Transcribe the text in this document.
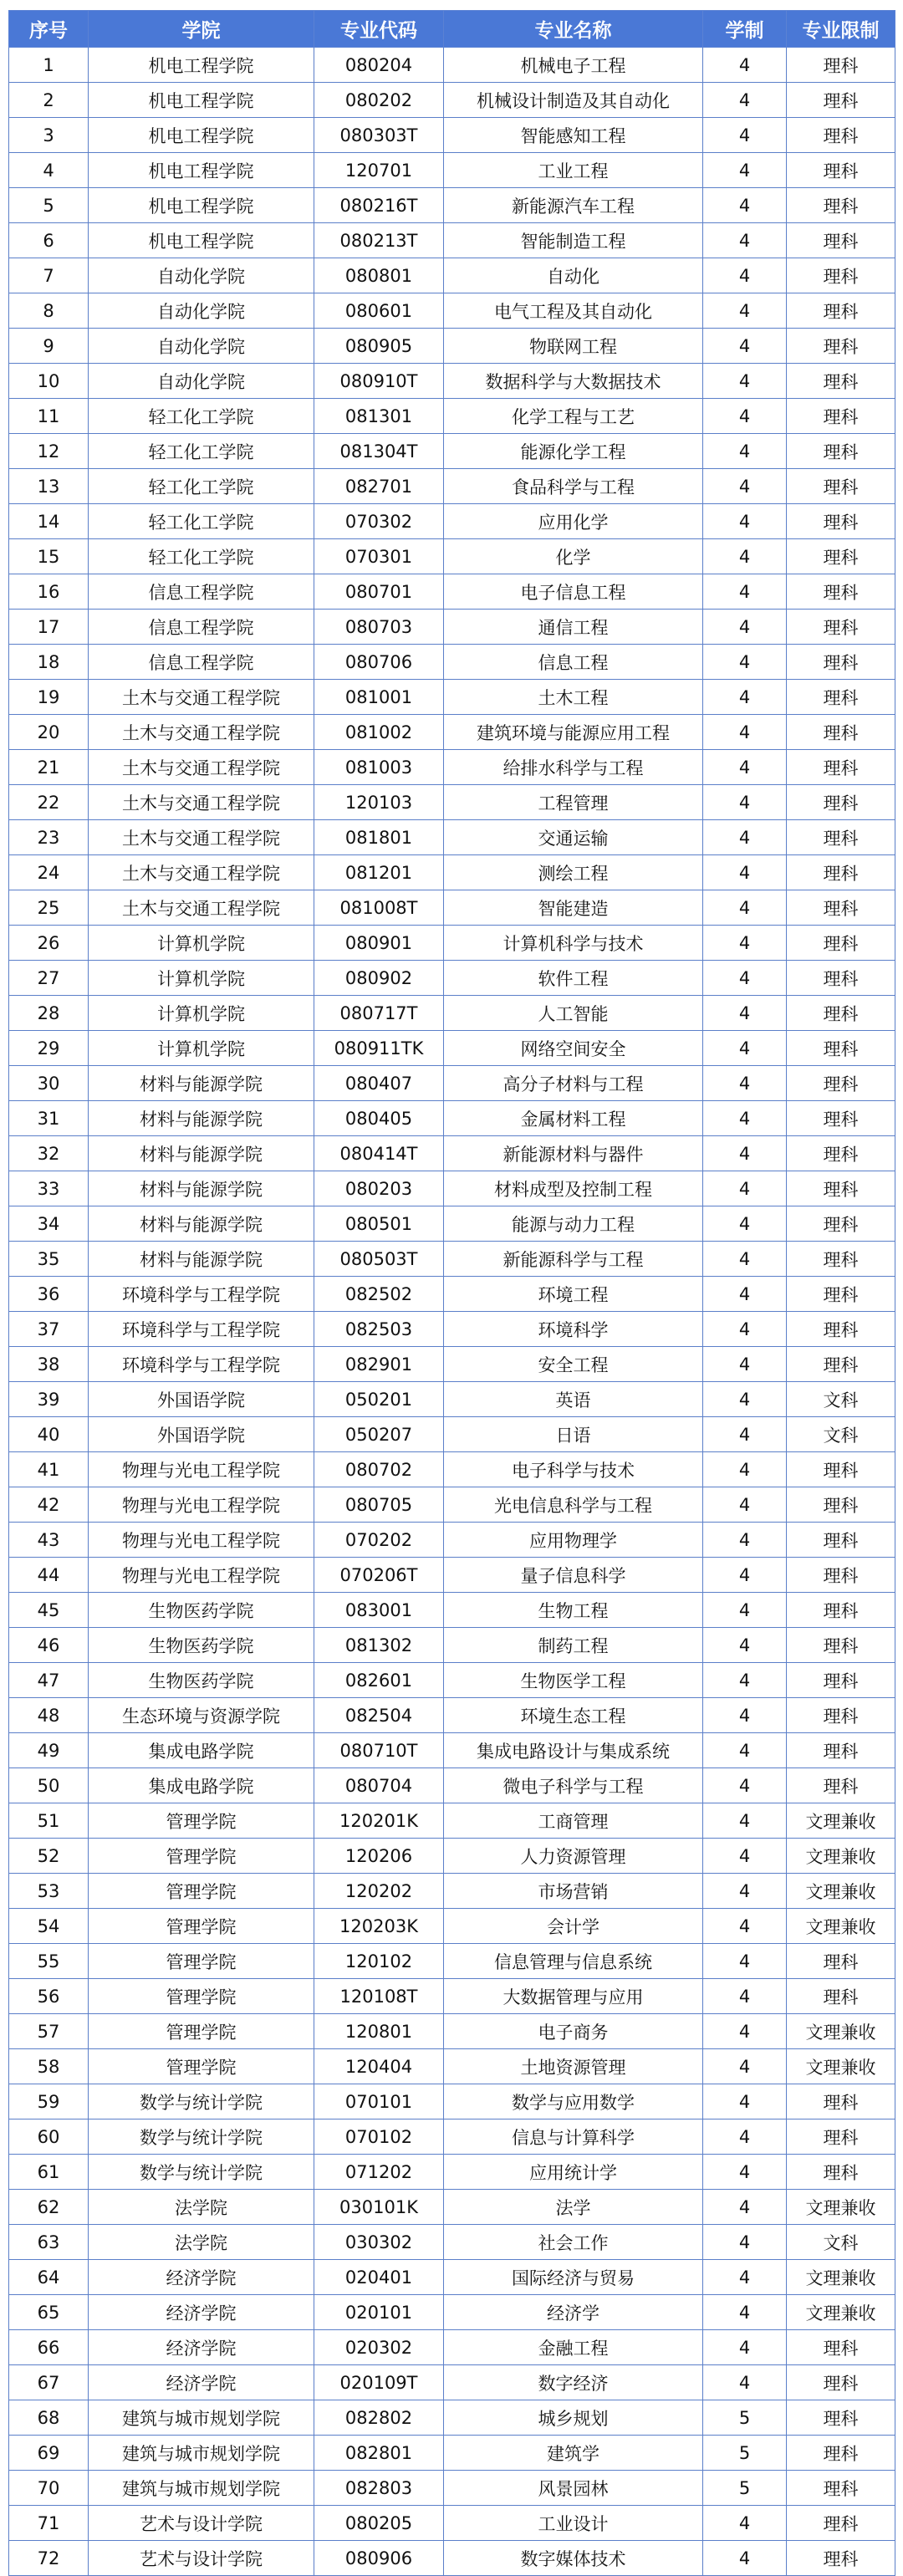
序号	学院	专业代码	专业名称	学制	专业限制
1	机电工程学院	080204	机械电子工程	4	理科
2	机电工程学院	080202	机械设计制造及其自动化	4	理科
3	机电工程学院	080303T	智能感知工程	4	理科
4	机电工程学院	120701	工业工程	4	理科
5	机电工程学院	080216T	新能源汽车工程	4	理科
6	机电工程学院	080213T	智能制造工程	4	理科
7	自动化学院	080801	自动化	4	理科
8	自动化学院	080601	电气工程及其自动化	4	理科
9	自动化学院	080905	物联网工程	4	理科
10	自动化学院	080910T	数据科学与大数据技术	4	理科
11	轻工化工学院	081301	化学工程与工艺	4	理科
12	轻工化工学院	081304T	能源化学工程	4	理科
13	轻工化工学院	082701	食品科学与工程	4	理科
14	轻工化工学院	070302	应用化学	4	理科
15	轻工化工学院	070301	化学	4	理科
16	信息工程学院	080701	电子信息工程	4	理科
17	信息工程学院	080703	通信工程	4	理科
18	信息工程学院	080706	信息工程	4	理科
19	土木与交通工程学院	081001	土木工程	4	理科
20	土木与交通工程学院	081002	建筑环境与能源应用工程	4	理科
21	土木与交通工程学院	081003	给排水科学与工程	4	理科
22	土木与交通工程学院	120103	工程管理	4	理科
23	土木与交通工程学院	081801	交通运输	4	理科
24	土木与交通工程学院	081201	测绘工程	4	理科
25	土木与交通工程学院	081008T	智能建造	4	理科
26	计算机学院	080901	计算机科学与技术	4	理科
27	计算机学院	080902	软件工程	4	理科
28	计算机学院	080717T	人工智能	4	理科
29	计算机学院	080911TK	网络空间安全	4	理科
30	材料与能源学院	080407	高分子材料与工程	4	理科
31	材料与能源学院	080405	金属材料工程	4	理科
32	材料与能源学院	080414T	新能源材料与器件	4	理科
33	材料与能源学院	080203	材料成型及控制工程	4	理科
34	材料与能源学院	080501	能源与动力工程	4	理科
35	材料与能源学院	080503T	新能源科学与工程	4	理科
36	环境科学与工程学院	082502	环境工程	4	理科
37	环境科学与工程学院	082503	环境科学	4	理科
38	环境科学与工程学院	082901	安全工程	4	理科
39	外国语学院	050201	英语	4	文科
40	外国语学院	050207	日语	4	文科
41	物理与光电工程学院	080702	电子科学与技术	4	理科
42	物理与光电工程学院	080705	光电信息科学与工程	4	理科
43	物理与光电工程学院	070202	应用物理学	4	理科
44	物理与光电工程学院	070206T	量子信息科学	4	理科
45	生物医药学院	083001	生物工程	4	理科
46	生物医药学院	081302	制药工程	4	理科
47	生物医药学院	082601	生物医学工程	4	理科
48	生态环境与资源学院	082504	环境生态工程	4	理科
49	集成电路学院	080710T	集成电路设计与集成系统	4	理科
50	集成电路学院	080704	微电子科学与工程	4	理科
51	管理学院	120201K	工商管理	4	文理兼收
52	管理学院	120206	人力资源管理	4	文理兼收
53	管理学院	120202	市场营销	4	文理兼收
54	管理学院	120203K	会计学	4	文理兼收
55	管理学院	120102	信息管理与信息系统	4	理科
56	管理学院	120108T	大数据管理与应用	4	理科
57	管理学院	120801	电子商务	4	文理兼收
58	管理学院	120404	土地资源管理	4	文理兼收
59	数学与统计学院	070101	数学与应用数学	4	理科
60	数学与统计学院	070102	信息与计算科学	4	理科
61	数学与统计学院	071202	应用统计学	4	理科
62	法学院	030101K	法学	4	文理兼收
63	法学院	030302	社会工作	4	文科
64	经济学院	020401	国际经济与贸易	4	文理兼收
65	经济学院	020101	经济学	4	文理兼收
66	经济学院	020302	金融工程	4	理科
67	经济学院	020109T	数字经济	4	理科
68	建筑与城市规划学院	082802	城乡规划	5	理科
69	建筑与城市规划学院	082801	建筑学	5	理科
70	建筑与城市规划学院	082803	风景园林	5	理科
71	艺术与设计学院	080205	工业设计	4	理科
72	艺术与设计学院	080906	数字媒体技术	4	理科
